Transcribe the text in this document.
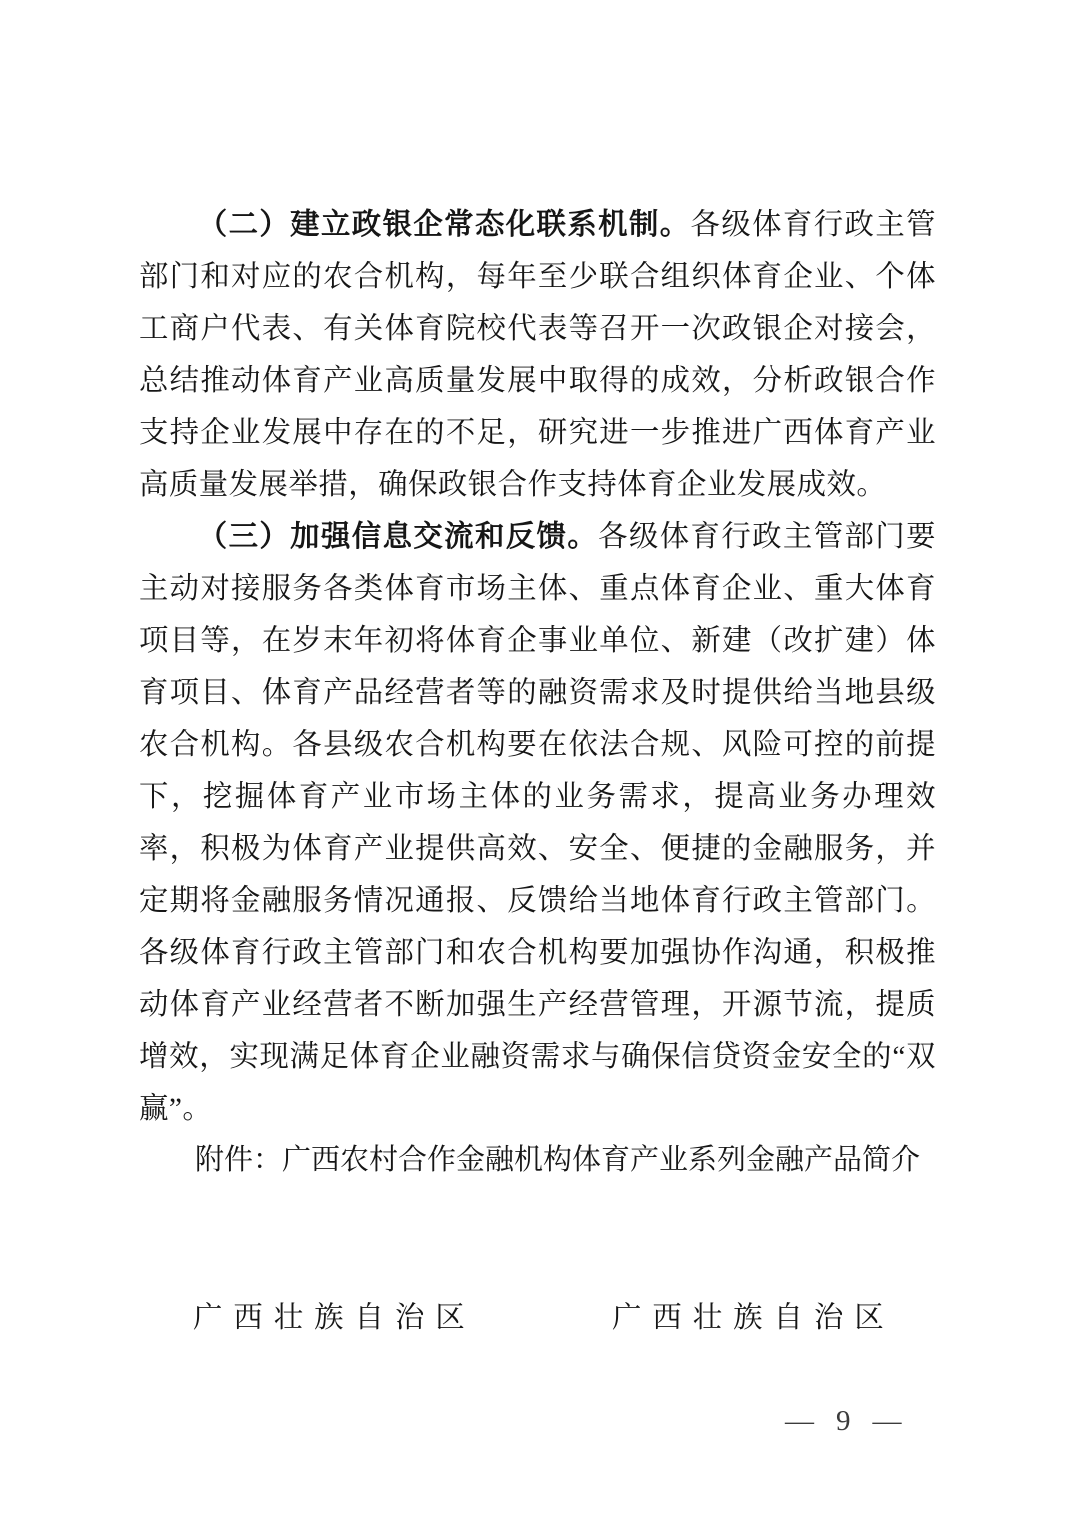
（二）建立政银企常态化联系机制。各级体育行政主管部门和对应的农合机构，每年至少联合组织体育企业、个体工商户代表、有关体育院校代表等召开一次政银企对接会，总结推动体育产业高质量发展中取得的成效，分析政银合作支持企业发展中存在的不足，研究进一步推进广西体育产业高质量发展举措，确保政银合作支持体育企业发展成效。

（三）加强信息交流和反馈。各级体育行政主管部门要主动对接服务各类体育市场主体、重点体育企业、重大体育项目等，在岁末年初将体育企事业单位、新建（改扩建）体育项目、体育产品经营者等的融资需求及时提供给当地县级农合机构。各县级农合机构要在依法合规、风险可控的前提下，挖掘体育产业市场主体的业务需求，提高业务办理效率，积极为体育产业提供高效、安全、便捷的金融服务，并定期将金融服务情况通报、反馈给当地体育行政主管部门。各级体育行政主管部门和农合机构要加强协作沟通，积极推动体育产业经营者不断加强生产经营管理，开源节流，提质增效，实现满足体育企业融资需求与确保信贷资金安全的“双赢”。

附件：广西农村合作金融机构体育产业系列金融产品简介
广西壮族自治区	广西壮族自治区
— 9 —
